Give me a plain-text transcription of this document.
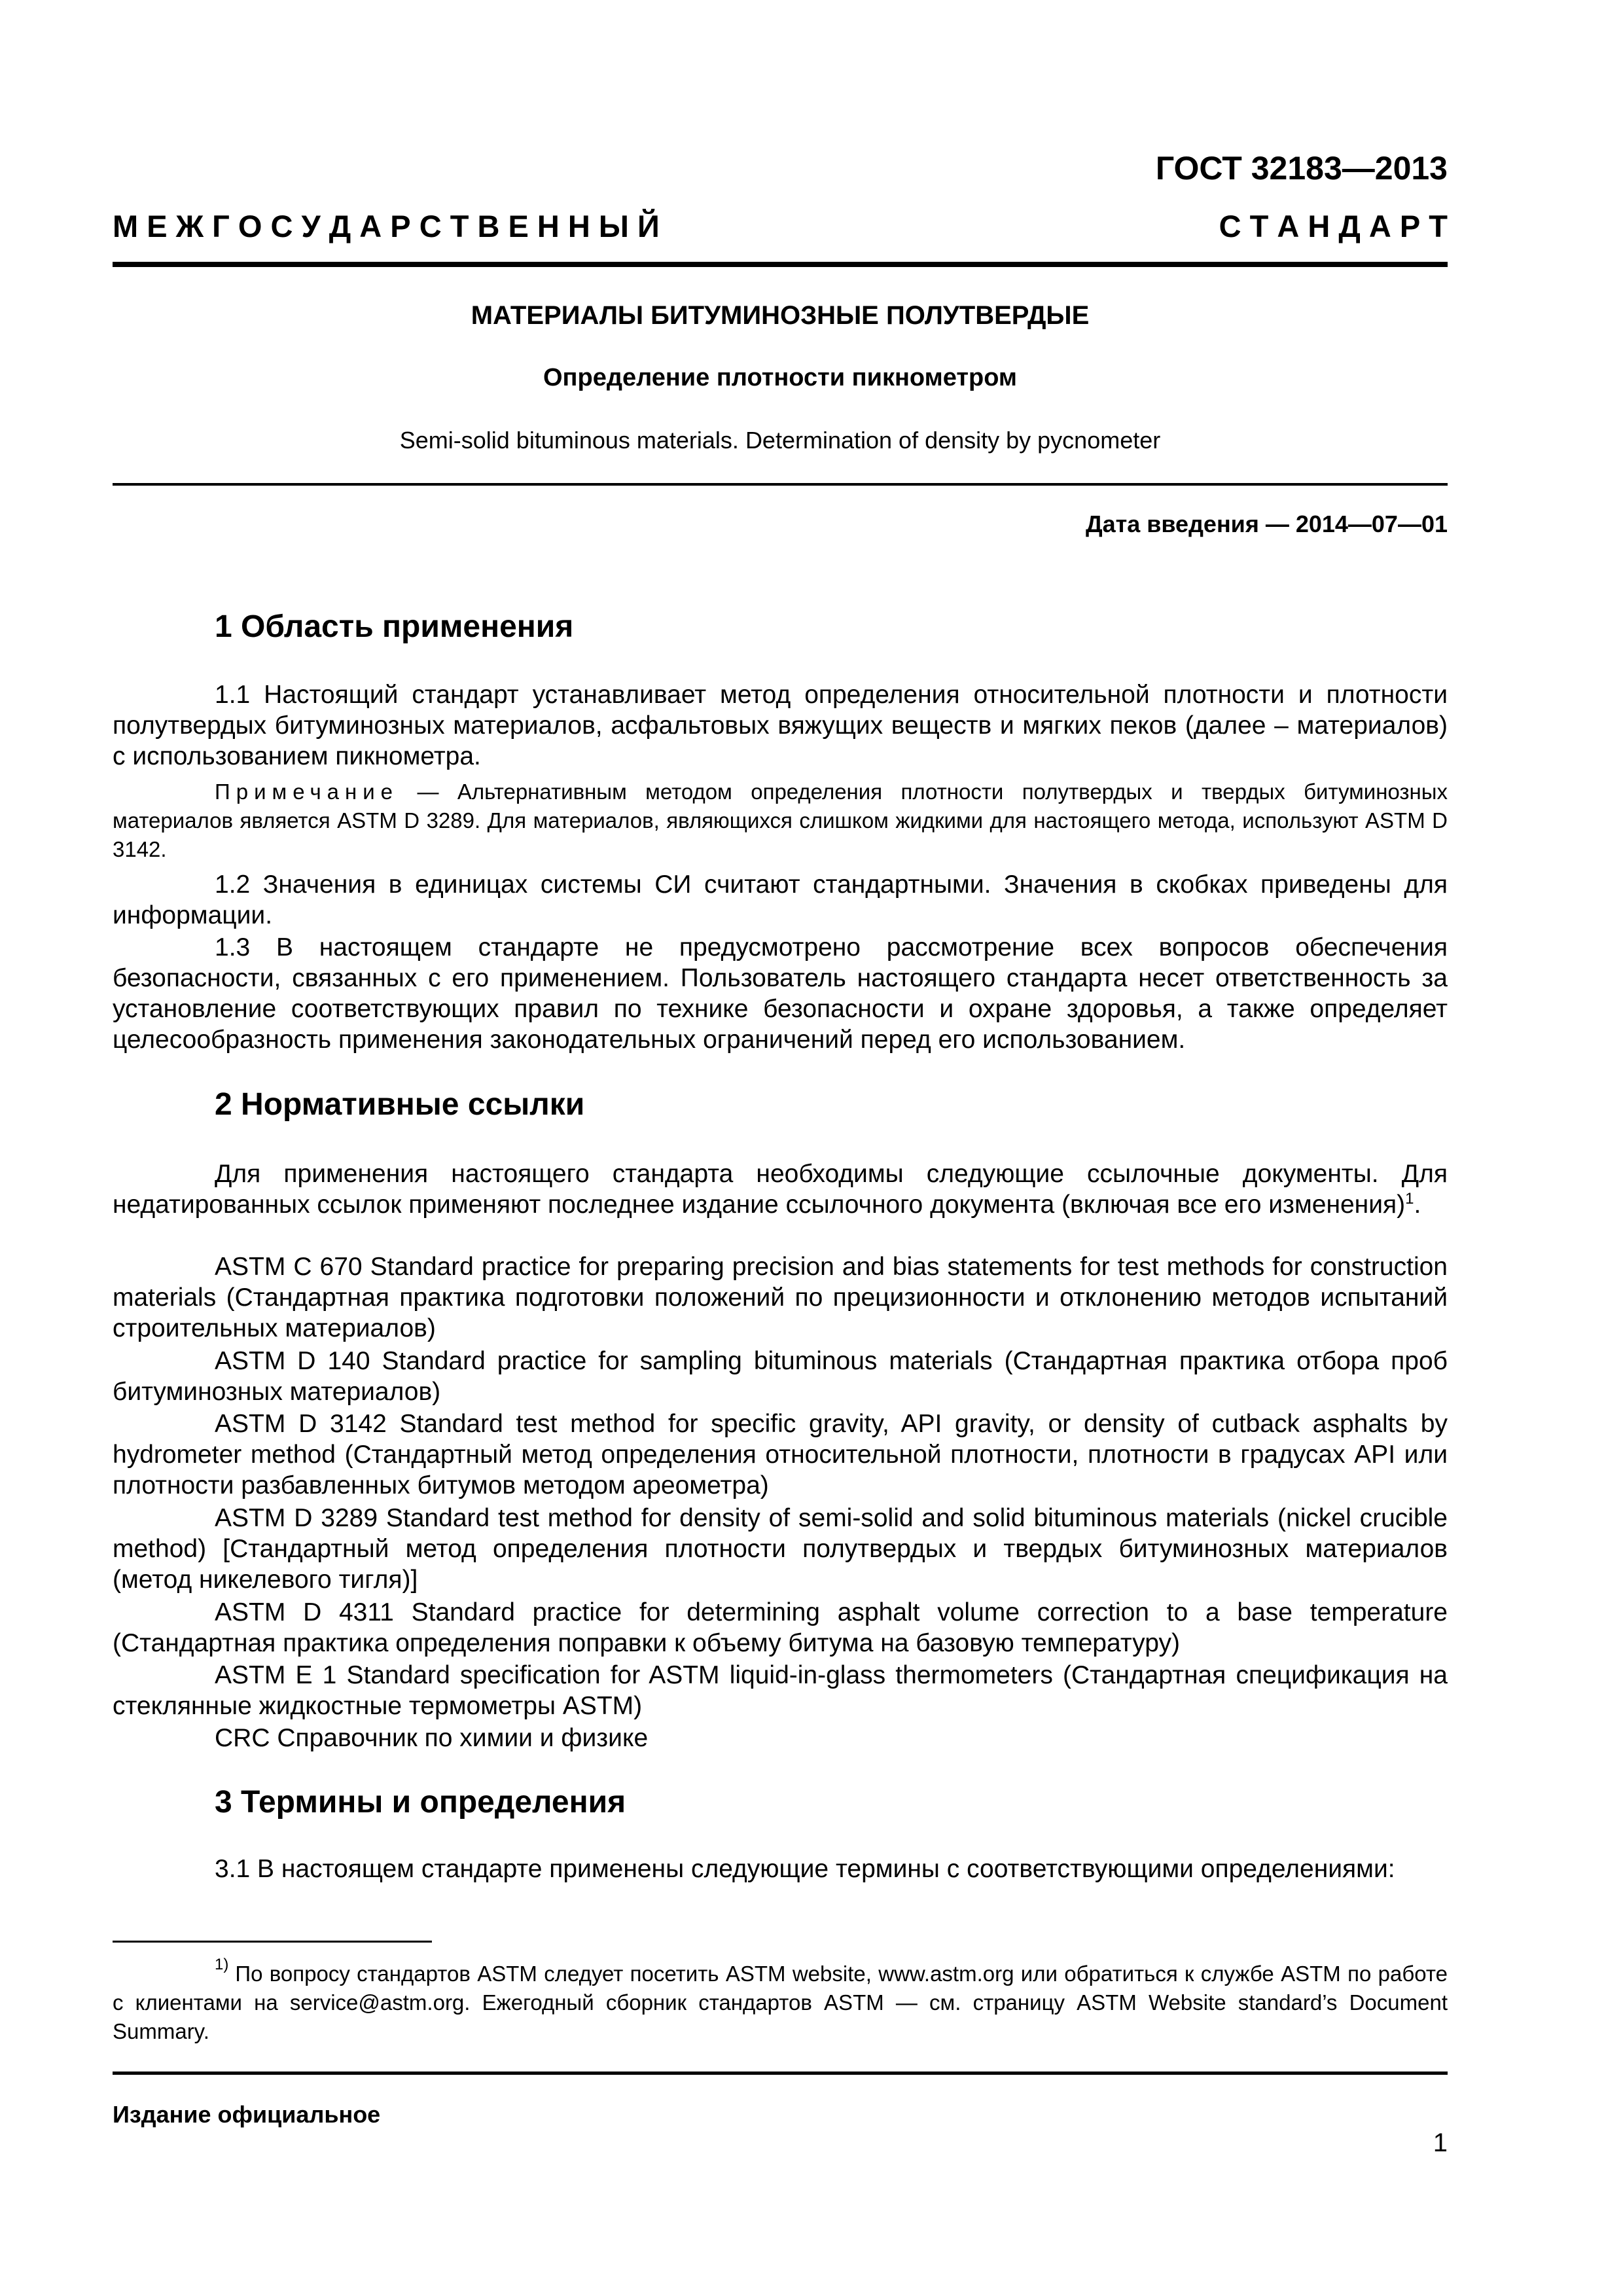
ГОСТ 32183—2013
М Е Ж Г О С У Д А Р С Т В Е Н Н Ы Й	С Т А Н Д А Р Т
МАТЕРИАЛЫ БИТУМИНОЗНЫЕ ПОЛУТВЕРДЫЕ
Определение плотности пикнометром
Semi-solid bituminous materials. Determination of density by pycnometer
Дата введения — 2014—07—01
1 Область применения
1.1 Настоящий стандарт устанавливает метод определения относительной плотности и плотности полутвердых битуминозных материалов, асфальтовых вяжущих веществ и мягких пеков (далее – материалов) с использованием пикнометра.
Примечание — Альтернативным методом определения плотности полутвердых и твердых битуминозных материалов является ASTM D 3289. Для материалов, являющихся слишком жидкими для настоящего метода, используют ASTM D 3142.
1.2 Значения в единицах системы СИ считают стандартными. Значения в скобках приведены для информации.
1.3 В настоящем стандарте не предусмотрено рассмотрение всех вопросов обеспечения безопасности, связанных с его применением. Пользователь настоящего стандарта несет ответственность за установление соответствующих правил по технике безопасности и охране здоровья, а также определяет целесообразность применения законодательных ограничений перед его использованием.
2 Нормативные ссылки
Для применения настоящего стандарта необходимы следующие ссылочные документы. Для недатированных ссылок применяют последнее издание ссылочного документа (включая все его изменения)$^1$.
ASTM C 670 Standard practice for preparing precision and bias statements for test methods for construction materials (Стандартная практика подготовки положений по прецизионности и отклонению методов испытаний строительных материалов)
ASTM D 140 Standard practice for sampling bituminous materials (Стандартная практика отбора проб битуминозных материалов)
ASTM D 3142 Standard test method for specific gravity, API gravity, or density of cutback asphalts by hydrometer method (Стандартный метод определения относительной плотности, плотности в градусах API или плотности разбавленных битумов методом ареометра)
ASTM D 3289 Standard test method for density of semi-solid and solid bituminous materials (nickel crucible method) [Стандартный метод определения плотности полутвердых и твердых битуминозных материалов (метод никелевого тигля)]
ASTM D 4311 Standard practice for determining asphalt volume correction to a base temperature (Стандартная практика определения поправки к объему битума на базовую температуру)
ASTM E 1 Standard specification for ASTM liquid-in-glass thermometers (Стандартная спецификация на стеклянные жидкостные термометры ASTM)
CRC Справочник по химии и физике
3 Термины и определения
3.1 В настоящем стандарте применены следующие термины с соответствующими определениями:
$^{1)}$ По вопросу стандартов ASTM следует посетить ASTM website, www.astm.org или обратиться к службе ASTM по работе с клиентами на service@astm.org. Ежегодный сборник стандартов ASTM — см. страницу ASTM Website standard’s Document Summary.
Издание официальное
1
